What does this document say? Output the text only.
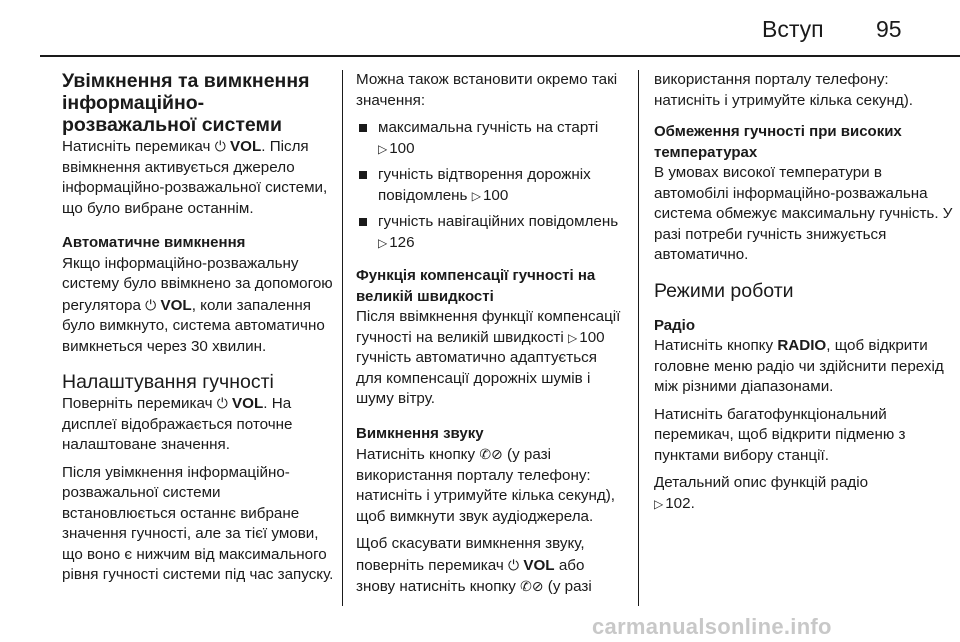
Вступ 95

Увімкнення та вимкнення інформаційно-розважальної системи

Натисніть перемикач ⏻ VOL. Після ввімкнення активується джерело інформаційно-розважальної системи, що було вибране останнім.

Автоматичне вимкнення

Якщо інформаційно-розважальну систему було ввімкнено за допомогою регулятора ⏻ VOL, коли запалення було вимкнуто, система автоматично вимкнеться через 30 хвилин.

Налаштування гучності

Поверніть перемикач ⏻ VOL. На дисплеї відображається поточне налаштоване значення.

Після увімкнення інформаційно-розважальної системи встановлюється останнє вибране значення гучності, але за тієї умови, що воно є нижчим від максимального рівня гучності системи під час запуску.

Можна також встановити окремо такі значення:

максимальна гучність на старті ▷ 100
гучність відтворення дорожніх повідомлень ▷ 100
гучність навігаційних повідомлень ▷ 126

Функція компенсації гучності на великій швидкості

Після ввімкнення функції компенсації гучності на великій швидкості ▷ 100 гучність автоматично адаптується для компенсації дорожніх шумів і шуму вітру.

Вимкнення звуку

Натисніть кнопку ✆⊘ (у разі використання порталу телефону: натисніть і утримуйте кілька секунд), щоб вимкнути звук аудіоджерела.

Щоб скасувати вимкнення звуку, поверніть перемикач ⏻ VOL або знову натисніть кнопку ✆⊘ (у разі

використання порталу телефону: натисніть і утримуйте кілька секунд).

Обмеження гучності при високих температурах

В умовах високої температури в автомобілі інформаційно-розважальна система обмежує максимальну гучність. У разі потреби гучність знижується автоматично.

Режими роботи

Радіо

Натисніть кнопку RADIO, щоб відкрити головне меню радіо чи здійснити перехід між різними діапазонами.

Натисніть багатофункціональний перемикач, щоб відкрити підменю з пунктами вибору станції.

Детальний опис функцій радіо
▷ 102.

carmanualsonline.info
